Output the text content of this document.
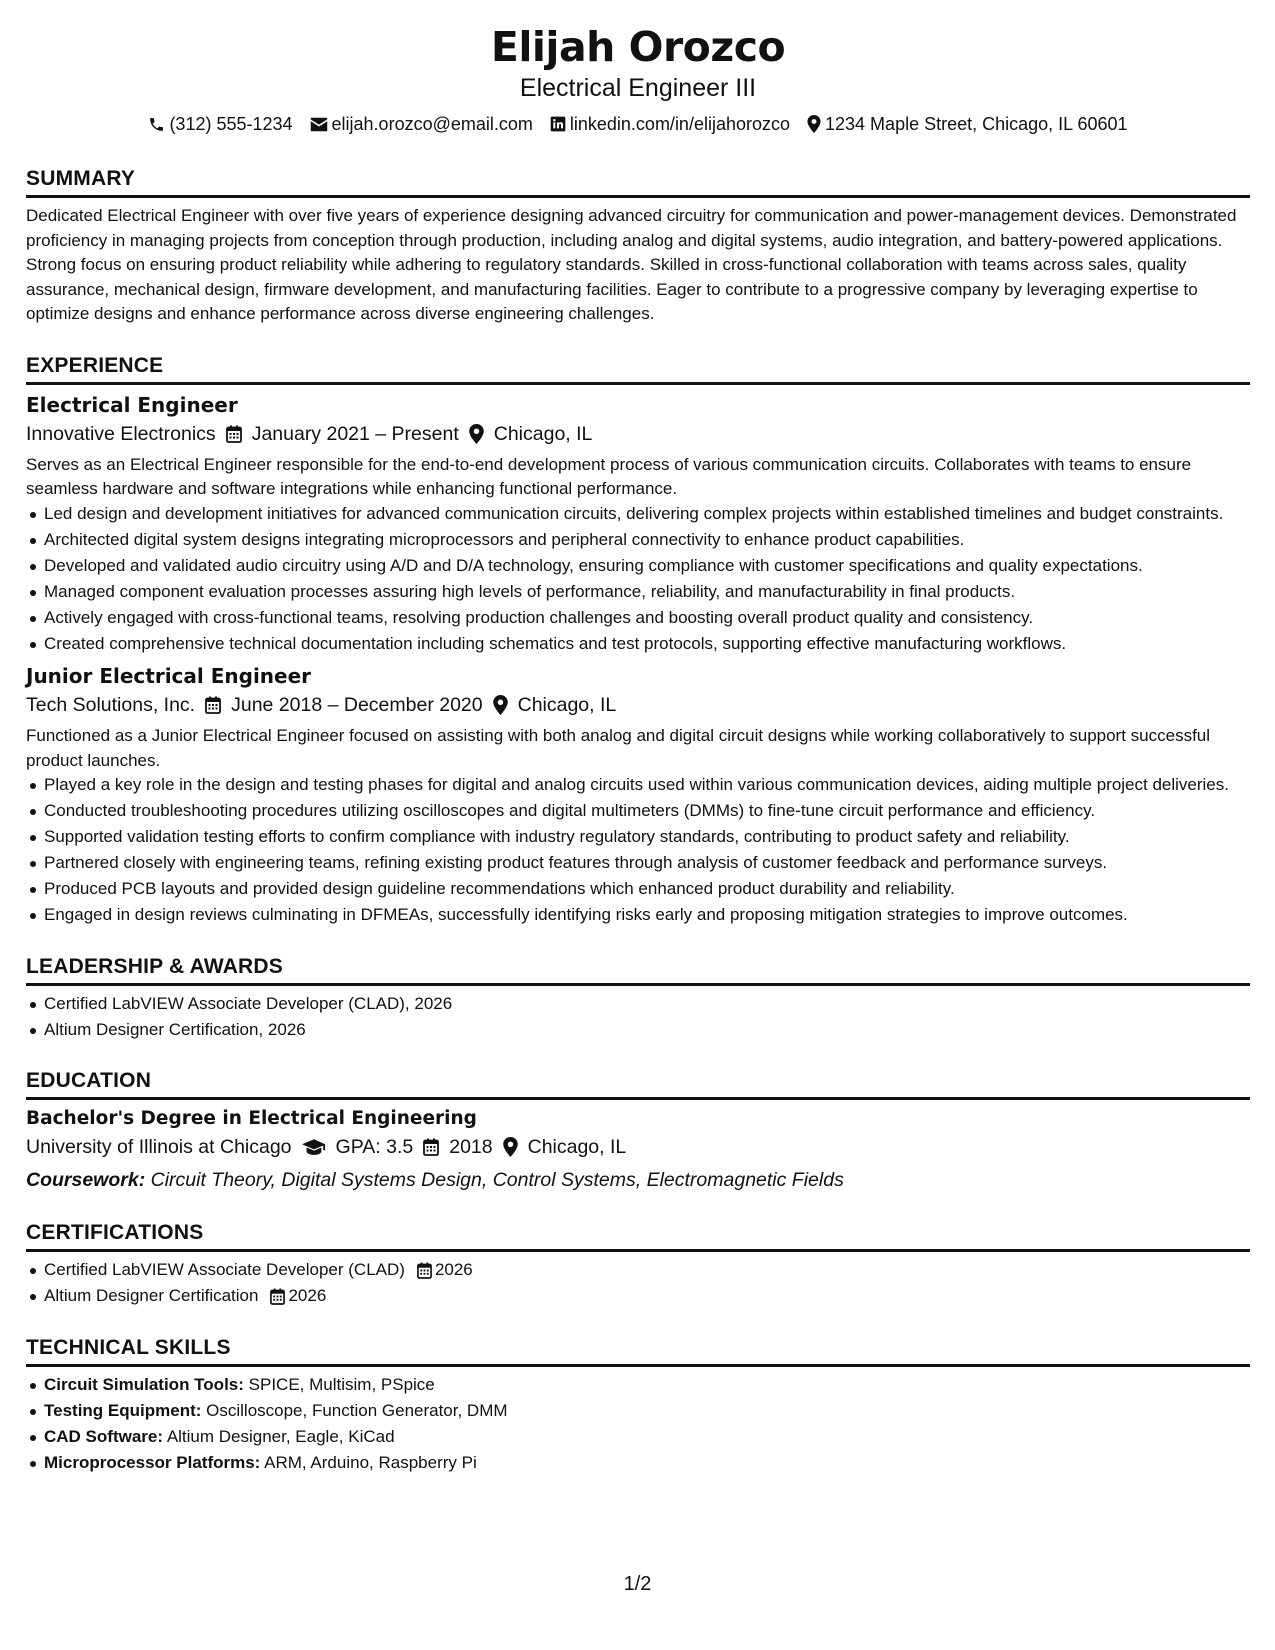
Elijah Orozco
Electrical Engineer III
(312) 555-1234 elijah.orozco@email.com linkedin.com/in/elijahorozco 1234 Maple Street, Chicago, IL 60601
SUMMARY
Dedicated Electrical Engineer with over five years of experience designing advanced circuitry for communication and power-management devices. Demonstrated proficiency in managing projects from conception through production, including analog and digital systems, audio integration, and battery-powered applications. Strong focus on ensuring product reliability while adhering to regulatory standards. Skilled in cross-functional collaboration with teams across sales, quality assurance, mechanical design, firmware development, and manufacturing facilities. Eager to contribute to a progressive company by leveraging expertise to optimize designs and enhance performance across diverse engineering challenges.
EXPERIENCE
Electrical Engineer
Innovative Electronics January 2021 – Present Chicago, IL
Serves as an Electrical Engineer responsible for the end-to-end development process of various communication circuits. Collaborates with teams to ensure seamless hardware and software integrations while enhancing functional performance.
Led design and development initiatives for advanced communication circuits, delivering complex projects within established timelines and budget constraints.
Architected digital system designs integrating microprocessors and peripheral connectivity to enhance product capabilities.
Developed and validated audio circuitry using A/D and D/A technology, ensuring compliance with customer specifications and quality expectations.
Managed component evaluation processes assuring high levels of performance, reliability, and manufacturability in final products.
Actively engaged with cross-functional teams, resolving production challenges and boosting overall product quality and consistency.
Created comprehensive technical documentation including schematics and test protocols, supporting effective manufacturing workflows.
Junior Electrical Engineer
Tech Solutions, Inc. June 2018 – December 2020 Chicago, IL
Functioned as a Junior Electrical Engineer focused on assisting with both analog and digital circuit designs while working collaboratively to support successful product launches.
Played a key role in the design and testing phases for digital and analog circuits used within various communication devices, aiding multiple project deliveries.
Conducted troubleshooting procedures utilizing oscilloscopes and digital multimeters (DMMs) to fine-tune circuit performance and efficiency.
Supported validation testing efforts to confirm compliance with industry regulatory standards, contributing to product safety and reliability.
Partnered closely with engineering teams, refining existing product features through analysis of customer feedback and performance surveys.
Produced PCB layouts and provided design guideline recommendations which enhanced product durability and reliability.
Engaged in design reviews culminating in DFMEAs, successfully identifying risks early and proposing mitigation strategies to improve outcomes.
LEADERSHIP & AWARDS
Certified LabVIEW Associate Developer (CLAD), 2026
Altium Designer Certification, 2026
EDUCATION
Bachelor's Degree in Electrical Engineering
University of Illinois at Chicago GPA: 3.5 2018 Chicago, IL
Coursework: Circuit Theory, Digital Systems Design, Control Systems, Electromagnetic Fields
CERTIFICATIONS
Certified LabVIEW Associate Developer (CLAD) 2026
Altium Designer Certification 2026
TECHNICAL SKILLS
Circuit Simulation Tools: SPICE, Multisim, PSpice
Testing Equipment: Oscilloscope, Function Generator, DMM
CAD Software: Altium Designer, Eagle, KiCad
Microprocessor Platforms: ARM, Arduino, Raspberry Pi
1/2
